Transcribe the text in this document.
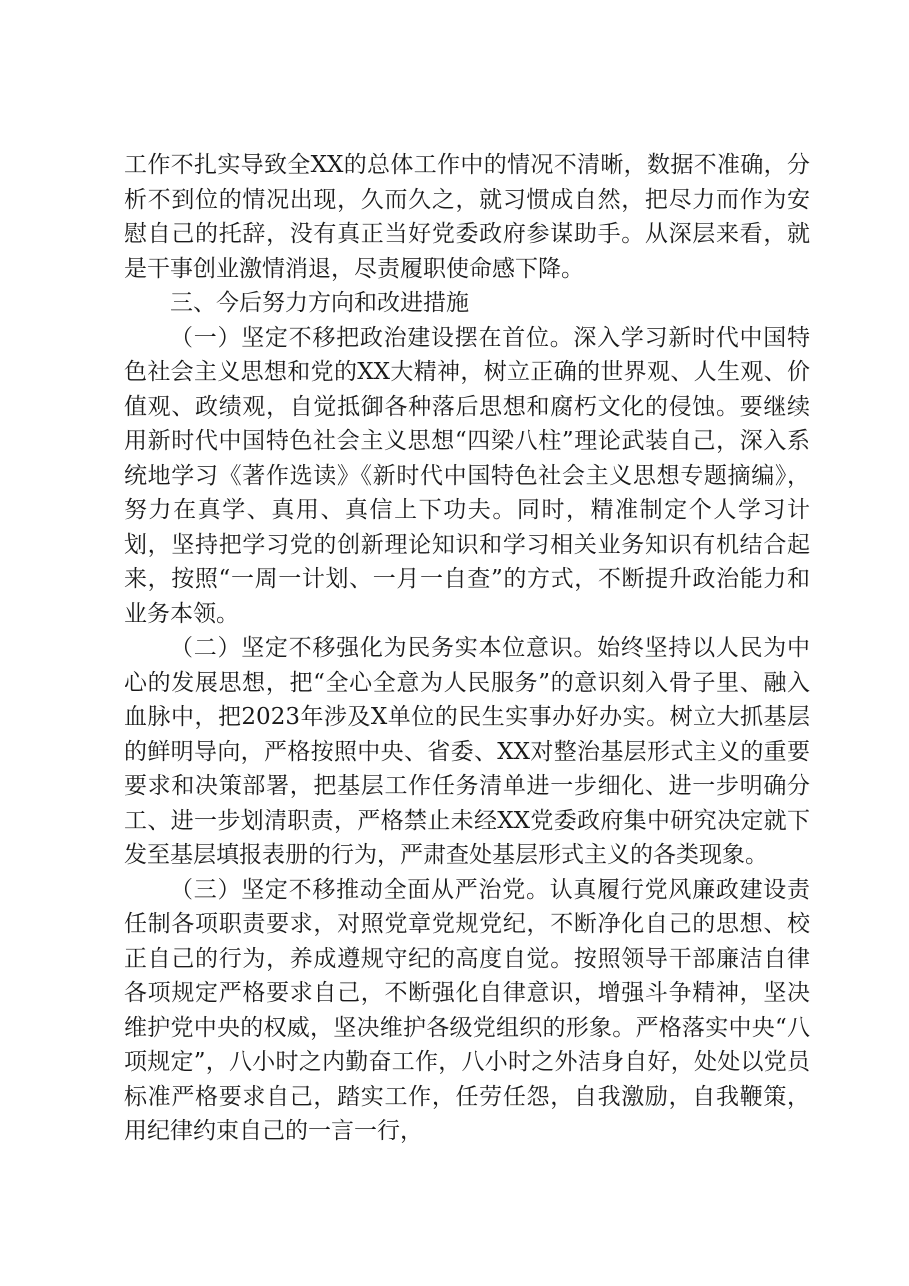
工作不扎实导致全XX的总体工作中的情况不清晰，数据不准确，分析不到位的情况出现，久而久之，就习惯成自然，把尽力而作为安慰自己的托辞，没有真正当好党委政府参谋助手。从深层来看，就是干事创业激情消退，尽责履职使命感下降。

三、今后努力方向和改进措施

（一）坚定不移把政治建设摆在首位。深入学习新时代中国特色社会主义思想和党的XX大精神，树立正确的世界观、人生观、价值观、政绩观，自觉抵御各种落后思想和腐朽文化的侵蚀。要继续用新时代中国特色社会主义思想“四梁八柱”理论武装自己，深入系统地学习《著作选读》《新时代中国特色社会主义思想专题摘编》，努力在真学、真用、真信上下功夫。同时，精准制定个人学习计划，坚持把学习党的创新理论知识和学习相关业务知识有机结合起来，按照“一周一计划、一月一自查”的方式，不断提升政治能力和业务本领。

（二）坚定不移强化为民务实本位意识。始终坚持以人民为中心的发展思想，把“全心全意为人民服务”的意识刻入骨子里、融入血脉中，把2023年涉及X单位的民生实事办好办实。树立大抓基层的鲜明导向，严格按照中央、省委、XX对整治基层形式主义的重要要求和决策部署，把基层工作任务清单进一步细化、进一步明确分工、进一步划清职责，严格禁止未经XX党委政府集中研究决定就下发至基层填报表册的行为，严肃查处基层形式主义的各类现象。

（三）坚定不移推动全面从严治党。认真履行党风廉政建设责任制各项职责要求，对照党章党规党纪，不断净化自己的思想、校正自己的行为，养成遵规守纪的高度自觉。按照领导干部廉洁自律各项规定严格要求自己，不断强化自律意识，增强斗争精神，坚决维护党中央的权威，坚决维护各级党组织的形象。严格落实中央“八项规定”，八小时之内勤奋工作，八小时之外洁身自好，处处以党员标准严格要求自己，踏实工作，任劳任怨，自我激励，自我鞭策，用纪律约束自己的一言一行，
